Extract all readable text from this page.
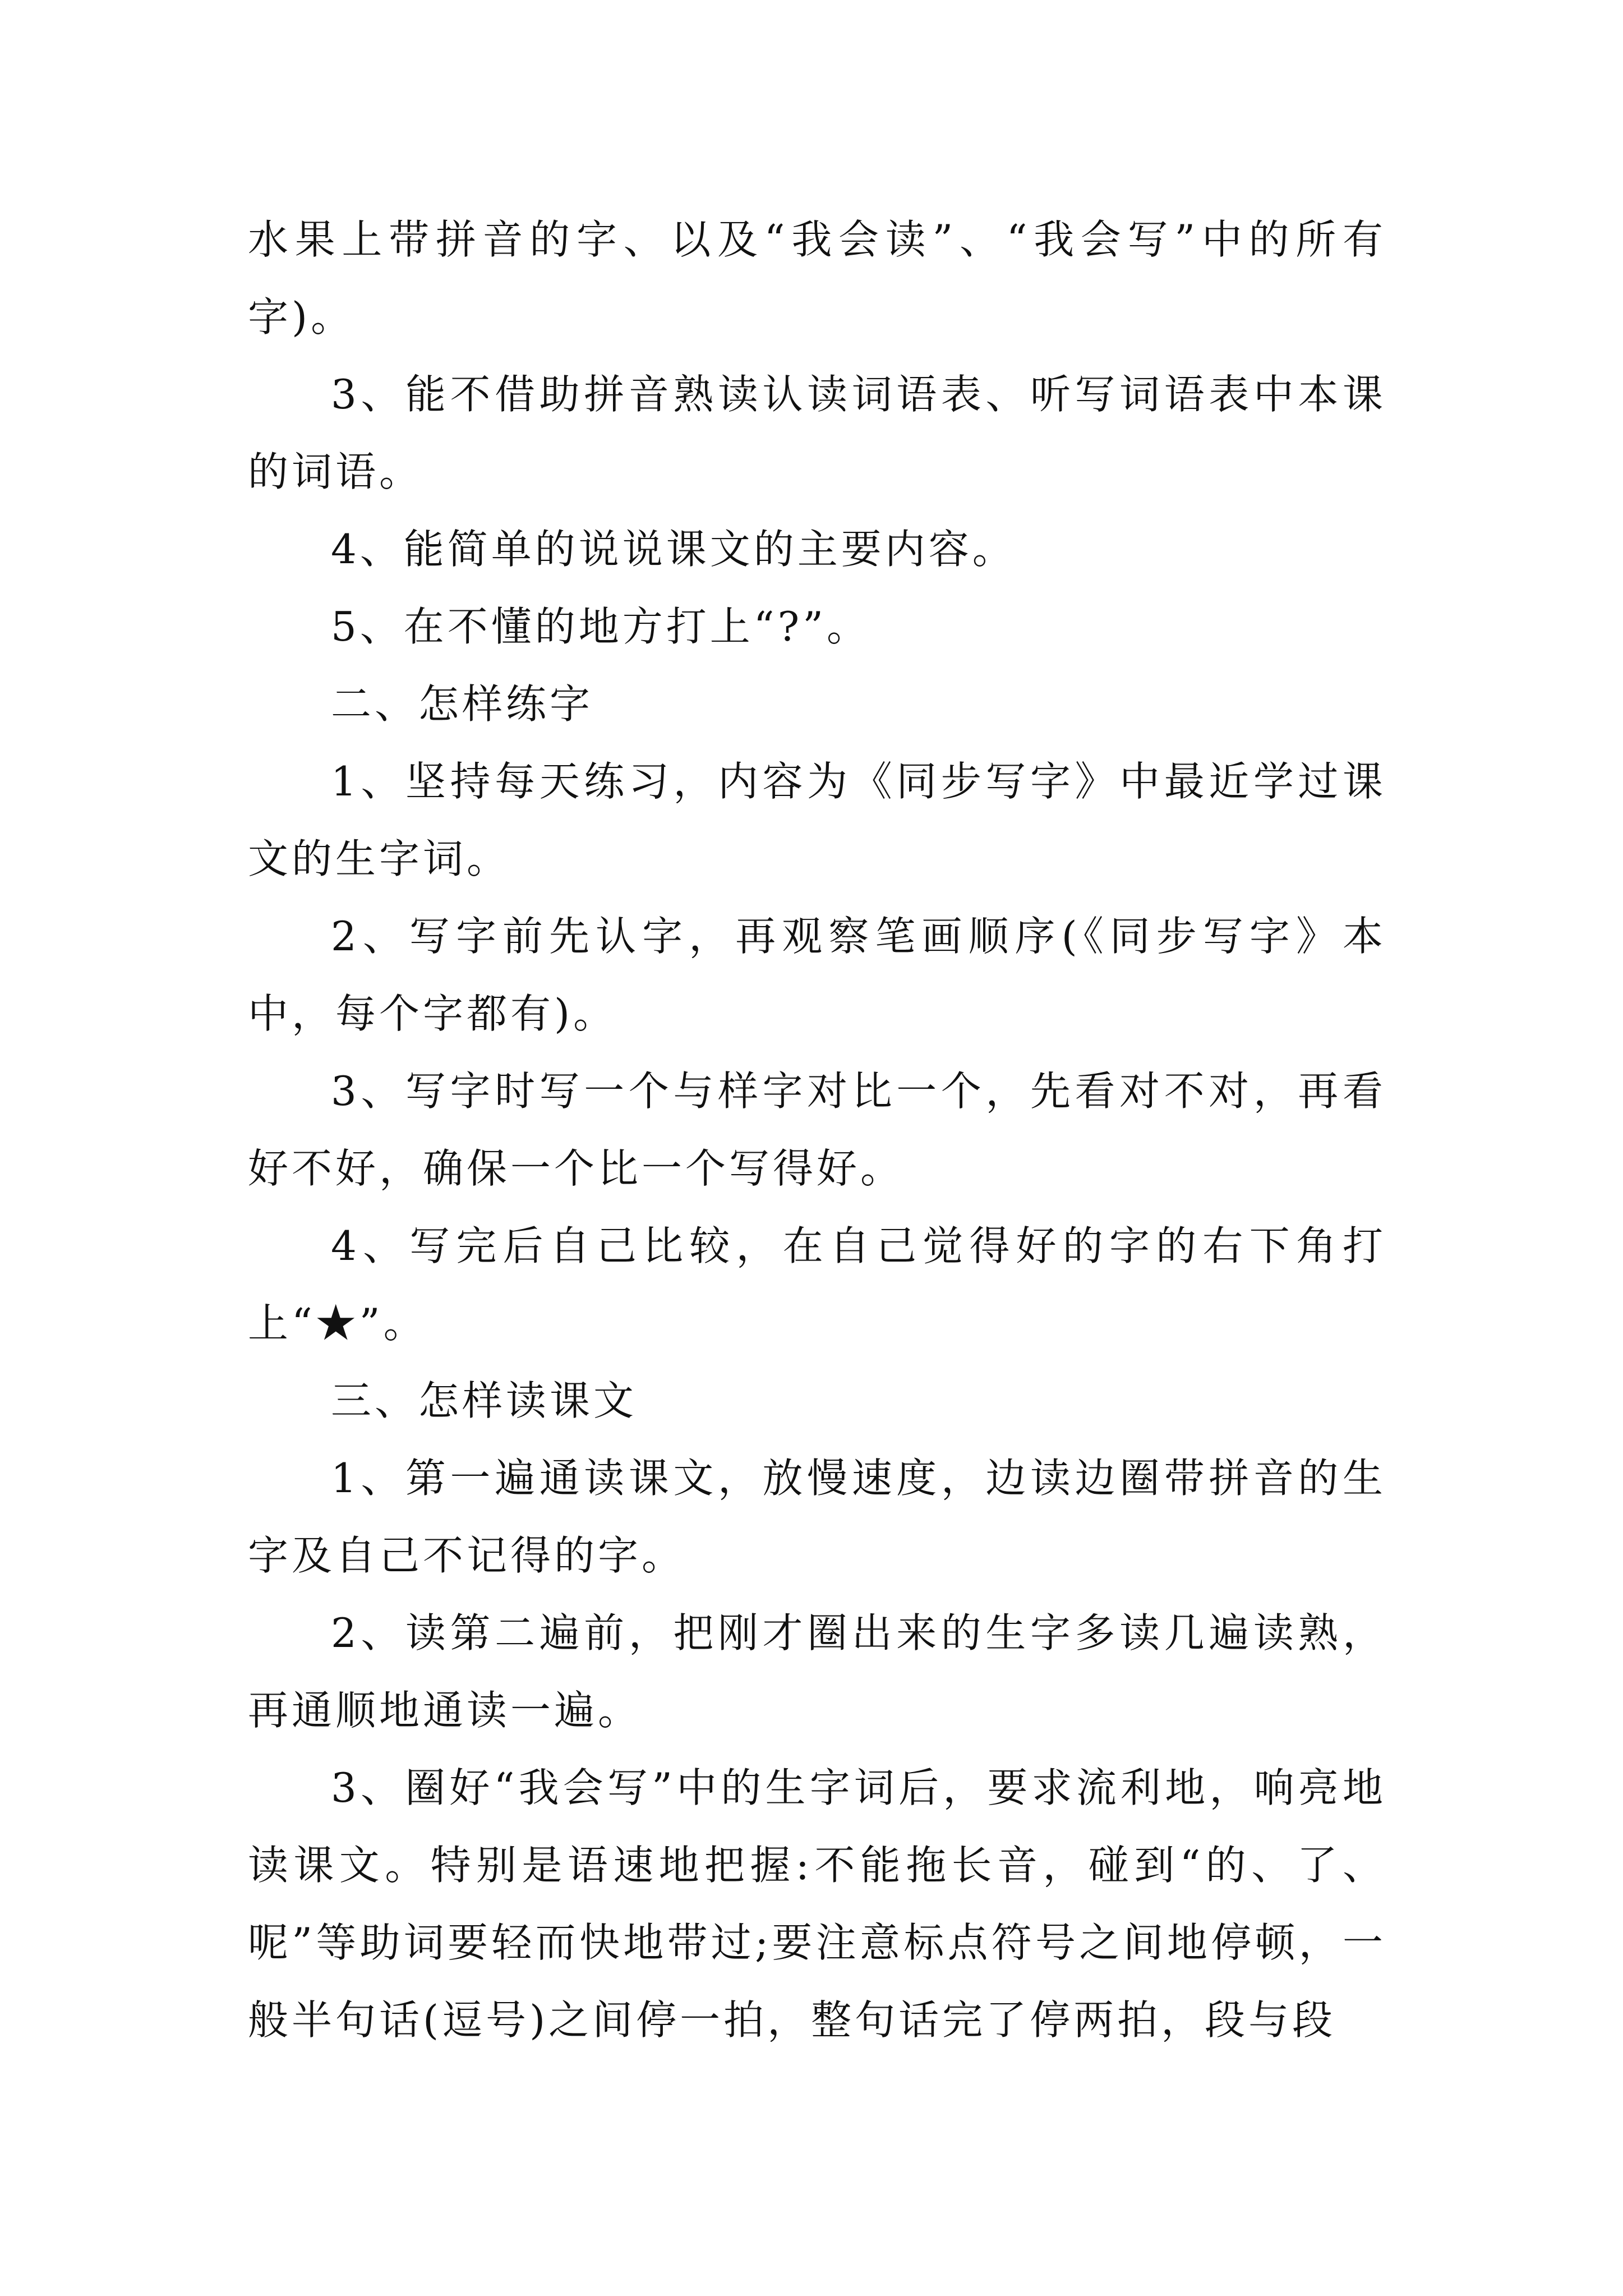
水果上带拼音的字、以及“我会读”、“我会写”中的所有字)。

3、能不借助拼音熟读认读词语表、听写词语表中本课的词语。

4、能简单的说说课文的主要内容。

5、在不懂的地方打上“?”。

二、怎样练字

1、坚持每天练习，内容为《同步写字》中最近学过课文的生字词。

2、写字前先认字，再观察笔画顺序(《同步写字》本中，每个字都有)。

3、写字时写一个与样字对比一个，先看对不对，再看好不好，确保一个比一个写得好。

4、写完后自己比较，在自己觉得好的字的右下角打上“★”。

三、怎样读课文

1、第一遍通读课文，放慢速度，边读边圈带拼音的生字及自己不记得的字。

2、读第二遍前，把刚才圈出来的生字多读几遍读熟，再通顺地通读一遍。

3、圈好“我会写”中的生字词后，要求流利地，响亮地读课文。特别是语速地把握:不能拖长音，碰到“的、了、呢”等助词要轻而快地带过;要注意标点符号之间地停顿，一般半句话(逗号)之间停一拍，整句话完了停两拍，段与段
